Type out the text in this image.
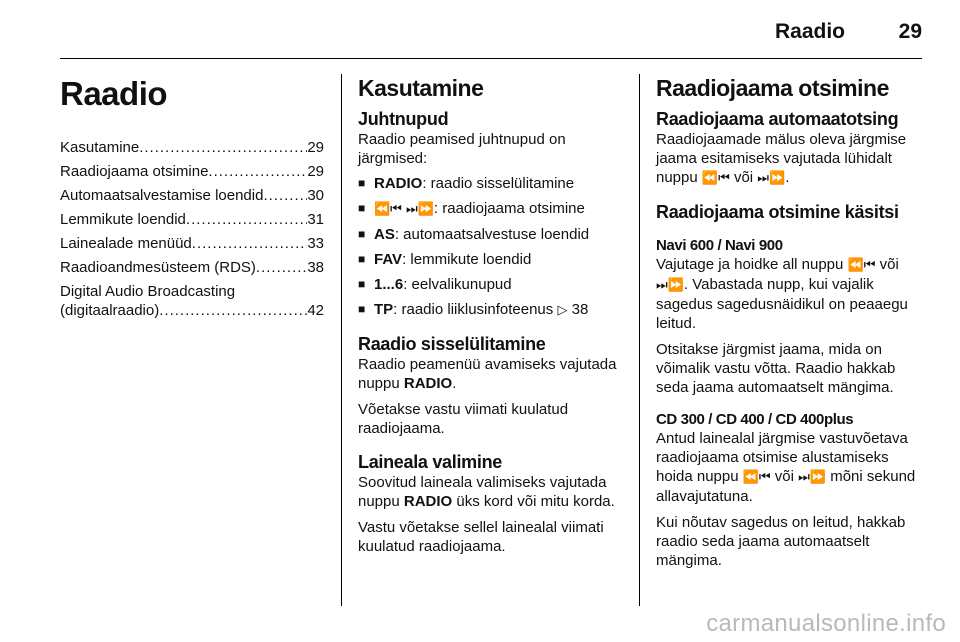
Raadio	29
Raadio
Kasutamine .....	29
Raadiojaama otsimine .....	29
Automaatsalvestamise loendid .....	30
Lemmikute loendid .....	31
Lainealade menüüd .....	33
Raadioandmesüsteem (RDS) .....	38
Digital Audio Broadcasting
(digitaalraadio) .....	42
Kasutamine
Juhtnupud

Raadio peamised juhtnupud on järgmised:

■ RADIO: raadio sisselülitamine
■ ⏪⏮ ⏭⏩: raadiojaama otsimine
■ AS: automaatsalvestuse loendid
■ FAV: lemmikute loendid
■ 1...6: eelvalikunupud
■ TP: raadio liiklusinfoteenus ▷ 38
Raadio sisselülitamine

Raadio peamenüü avamiseks vajutada nuppu RADIO.

Võetakse vastu viimati kuulatud raadiojaama.

Laineala valimine

Soovitud laineala valimiseks vajutada nuppu RADIO üks kord või mitu korda.

Vastu võetakse sellel lainealal viimati kuulatud raadiojaama.

Raadiojaama otsimine
Raadiojaama automaatotsing

Raadiojaamade mälus oleva järgmise jaama esitamiseks vajutada lühidalt nuppu ⏪⏮ või ⏭⏩.

Raadiojaama otsimine käsitsi
Navi 600 / Navi 900

Vajutage ja hoidke all nuppu ⏪⏮ või ⏭⏩. Vabastada nupp, kui vajalik sagedus sagedusnäidikul on peaaegu leitud.

Otsitakse järgmist jaama, mida on võimalik vastu võtta. Raadio hakkab seda jaama automaatselt mängima.

CD 300 / CD 400 / CD 400plus

Antud lainealal järgmise vastuvõetava raadiojaama otsimise alustamiseks hoida nuppu ⏪⏮ või ⏭⏩ mõni sekund allavajutatuna.

Kui nõutav sagedus on leitud, hakkab raadio seda jaama automaatselt mängima.

carmanualsonline.info
